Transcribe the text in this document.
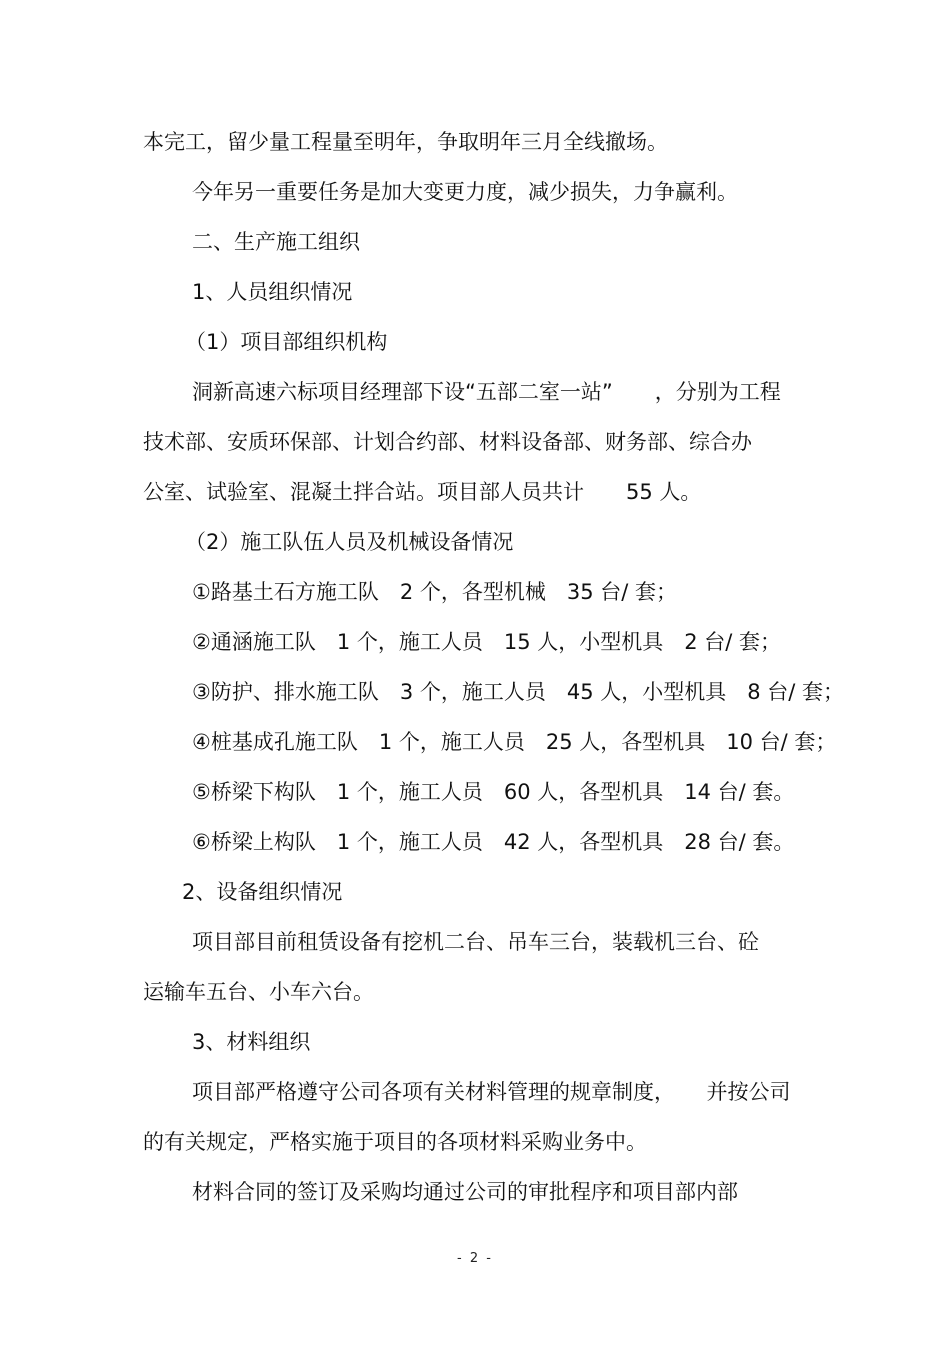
本完工，留少量工程量至明年，争取明年三月全线撤场。

今年另一重要任务是加大变更力度，减少损失，力争赢利。

二、生产施工组织

1、人员组织情况

（1）项目部组织机构

洞新高速六标项目经理部下设“五部二室一站”　　，分别为工程

技术部、安质环保部、计划合约部、材料设备部、财务部、综合办

公室、试验室、混凝土拌合站。项目部人员共计　　55 人。

（2）施工队伍人员及机械设备情况

①路基土石方施工队　2 个，各型机械　35 台/ 套；

②通涵施工队　1 个，施工人员　15 人，小型机具　2 台/ 套；

③防护、排水施工队　3 个，施工人员　45 人，小型机具　8 台/ 套；

④桩基成孔施工队　1 个，施工人员　25 人，各型机具　10 台/ 套；

⑤桥梁下构队　1 个，施工人员　60 人，各型机具　14 台/ 套。

⑥桥梁上构队　1 个，施工人员　42 人，各型机具　28 台/ 套。

2、设备组织情况

项目部目前租赁设备有挖机二台、吊车三台，装载机三台、砼

运输车五台、小车六台。

3、材料组织

项目部严格遵守公司各项有关材料管理的规章制度，　　并按公司

的有关规定，严格实施于项目的各项材料采购业务中。

材料合同的签订及采购均通过公司的审批程序和项目部内部

- 2 -
